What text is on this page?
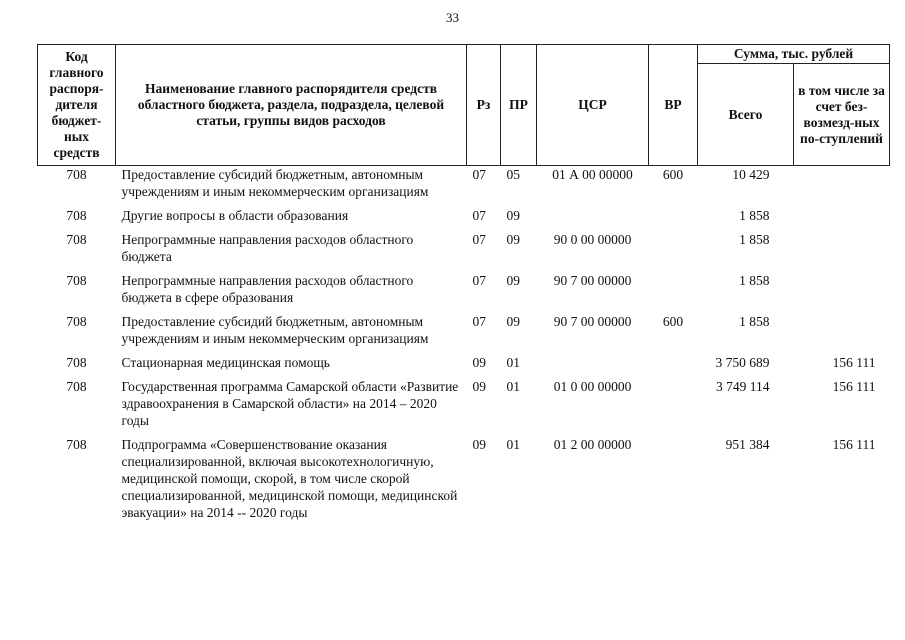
33
Код главного распоря-дителя бюджет-ных средств	Наименование главного распорядителя средств областного бюджета, раздела, подраздела, целевой статьи, группы видов расходов	Рз	ПР	ЦСР	ВР	Сумма, тыс. рублей	
						Всего	в том числе за счет без-возмезд-ных по-ступлений
708	Предоставление субсидий бюджетным, автономным учреждениям и иным некоммерческим организациям	07	05	01 А 00 00000	600	10 429	

708	Другие вопросы в области образования	07	09			1 858	

708	Непрограммные направления расходов областного бюджета	07	09	90 0 00 00000		1 858	

708	Непрограммные направления расходов областного бюджета в сфере образования	07	09	90 7 00 00000		1 858	

708	Предоставление субсидий бюджетным, автономным учреждениям и иным некоммерческим организациям	07	09	90 7 00 00000	600	1 858	

708	Стационарная медицинская помощь	09	01			3 750 689	156 111

708	Государственная программа Самарской области «Развитие здравоохранения в Самарской области» на 2014 – 2020 годы	09	01	01 0 00 00000		3 749 114	156 111

708	Подпрограмма «Совершенствование оказания специализированной, включая высокотехнологичную, медицинской помощи, скорой, в том числе скорой специализированной, медицинской помощи, медицинской эвакуации» на 2014 -- 2020 годы	09	01	01 2 00 00000		951 384	156 111
